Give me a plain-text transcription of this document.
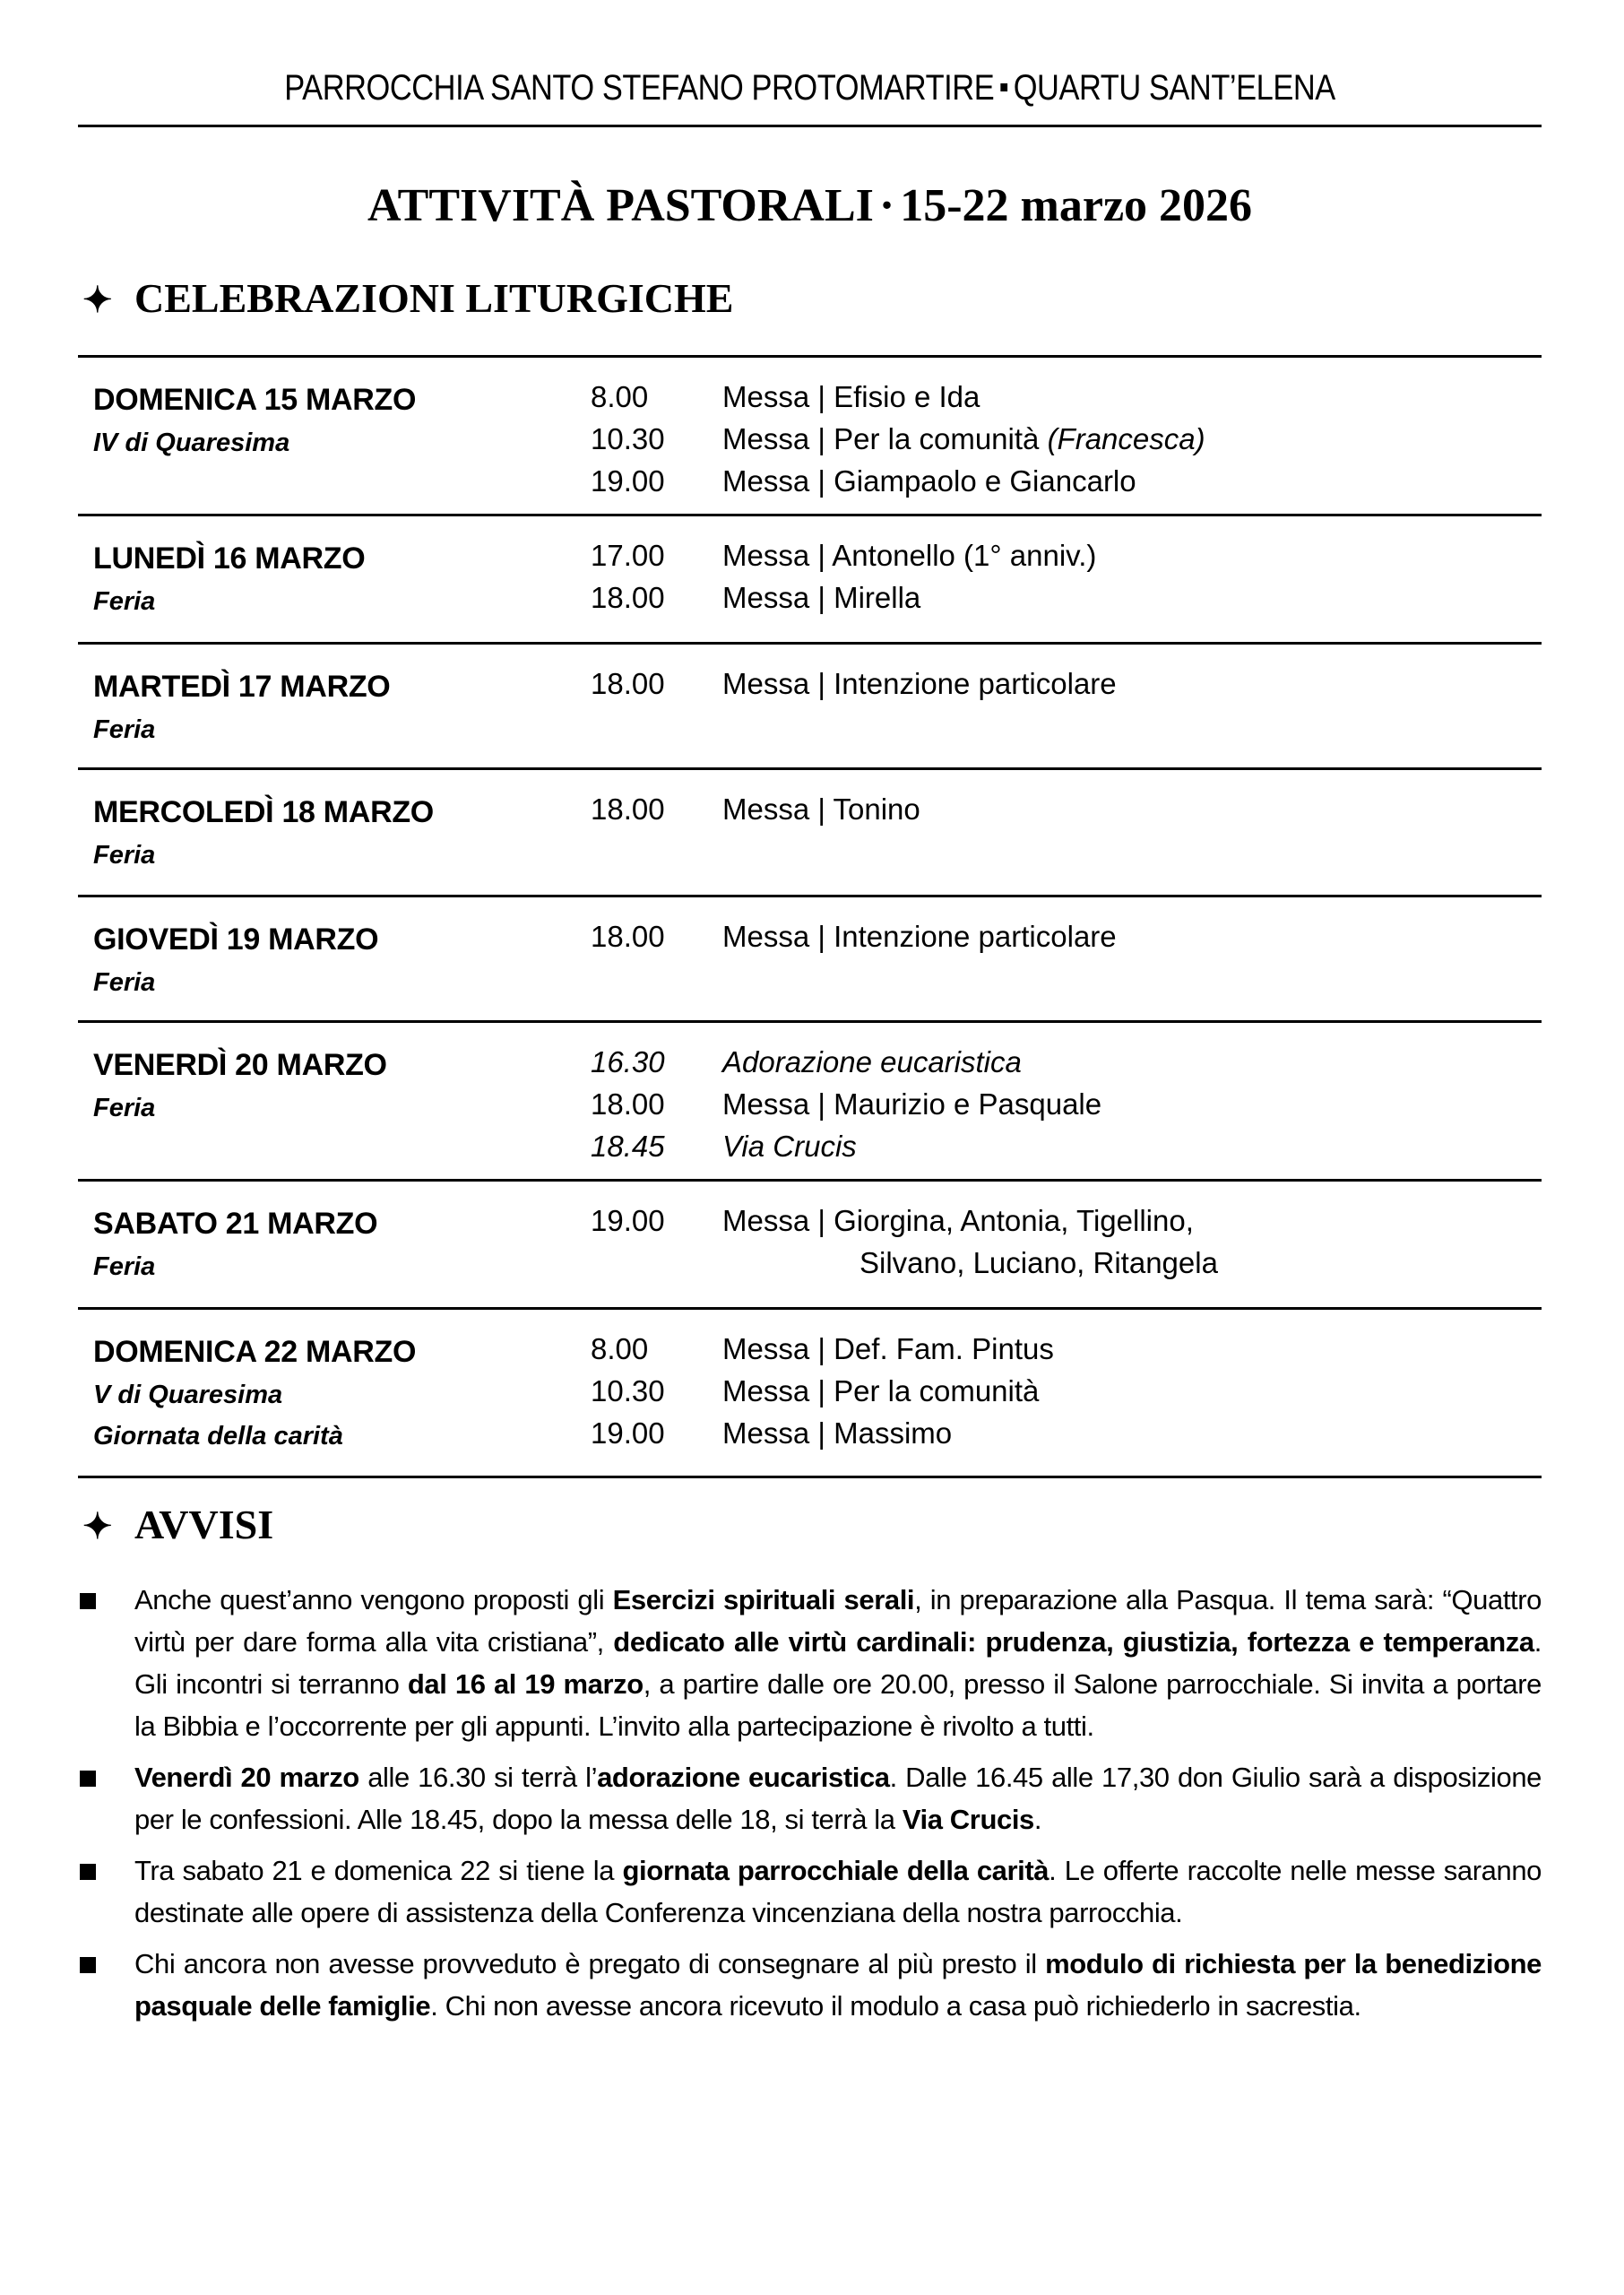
PARROCCHIA SANTO STEFANO PROTOMARTIRE QUARTU SANT’ELENA
ATTIVITÀ PASTORALI · 15-22 marzo 2026
✦ CELEBRAZIONI LITURGICHE
DOMENICA 15 MARZO
IV di Quaresima
8.00	Messa | Efisio e Ida
10.30 Messa | Per la comunità (Francesca)
19.00 Messa | Giampaolo e Giancarlo
LUNEDÌ 16 MARZO
Feria
17.00 Messa | Antonello (1° anniv.)
18.00 Messa | Mirella
MARTEDÌ 17 MARZO
Feria
18.00 Messa | Intenzione particolare
MERCOLEDÌ 18 MARZO
Feria
18.00 Messa | Tonino
GIOVEDÌ 19 MARZO
Feria
18.00 Messa | Intenzione particolare
VENERDÌ 20 MARZO
Feria
16.30 Adorazione eucaristica
18.00 Messa | Maurizio e Pasquale
18.45 Via Crucis
SABATO 21 MARZO
Feria
19.00 Messa | Giorgina, Antonia, Tigellino,
Silvano, Luciano, Ritangela
DOMENICA 22 MARZO
V di Quaresima
Giornata della carità
8.00	Messa | Def. Fam. Pintus
10.30 Messa | Per la comunità
19.00 Messa | Massimo
✦ AVVISI
Anche quest’anno vengono proposti gli Esercizi spirituali serali, in preparazione alla Pasqua. Il tema sarà: “Quattro virtù per dare forma alla vita cristiana”, dedicato alle virtù cardinali: prudenza, giustizia, fortezza e temperanza. Gli incontri si terranno dal 16 al 19 marzo, a partire dalle ore 20.00, presso il Salone parrocchiale. Si invita a portare la Bibbia e l’occorrente per gli appunti. L’invito alla partecipazione è rivolto a tutti.
Venerdì 20 marzo alle 16.30 si terrà l’adorazione eucaristica. Dalle 16.45 alle 17,30 don Giulio sarà a disposizione per le confessioni. Alle 18.45, dopo la messa delle 18, si terrà la Via Crucis.
Tra sabato 21 e domenica 22 si tiene la giornata parrocchiale della carità. Le offerte raccolte nelle messe saranno destinate alle opere di assistenza della Conferenza vincenziana della nostra parrocchia.
Chi ancora non avesse provveduto è pregato di consegnare al più presto il modulo di richiesta per la benedizione pasquale delle famiglie. Chi non avesse ancora ricevuto il modulo a casa può richiederlo in sacrestia.
